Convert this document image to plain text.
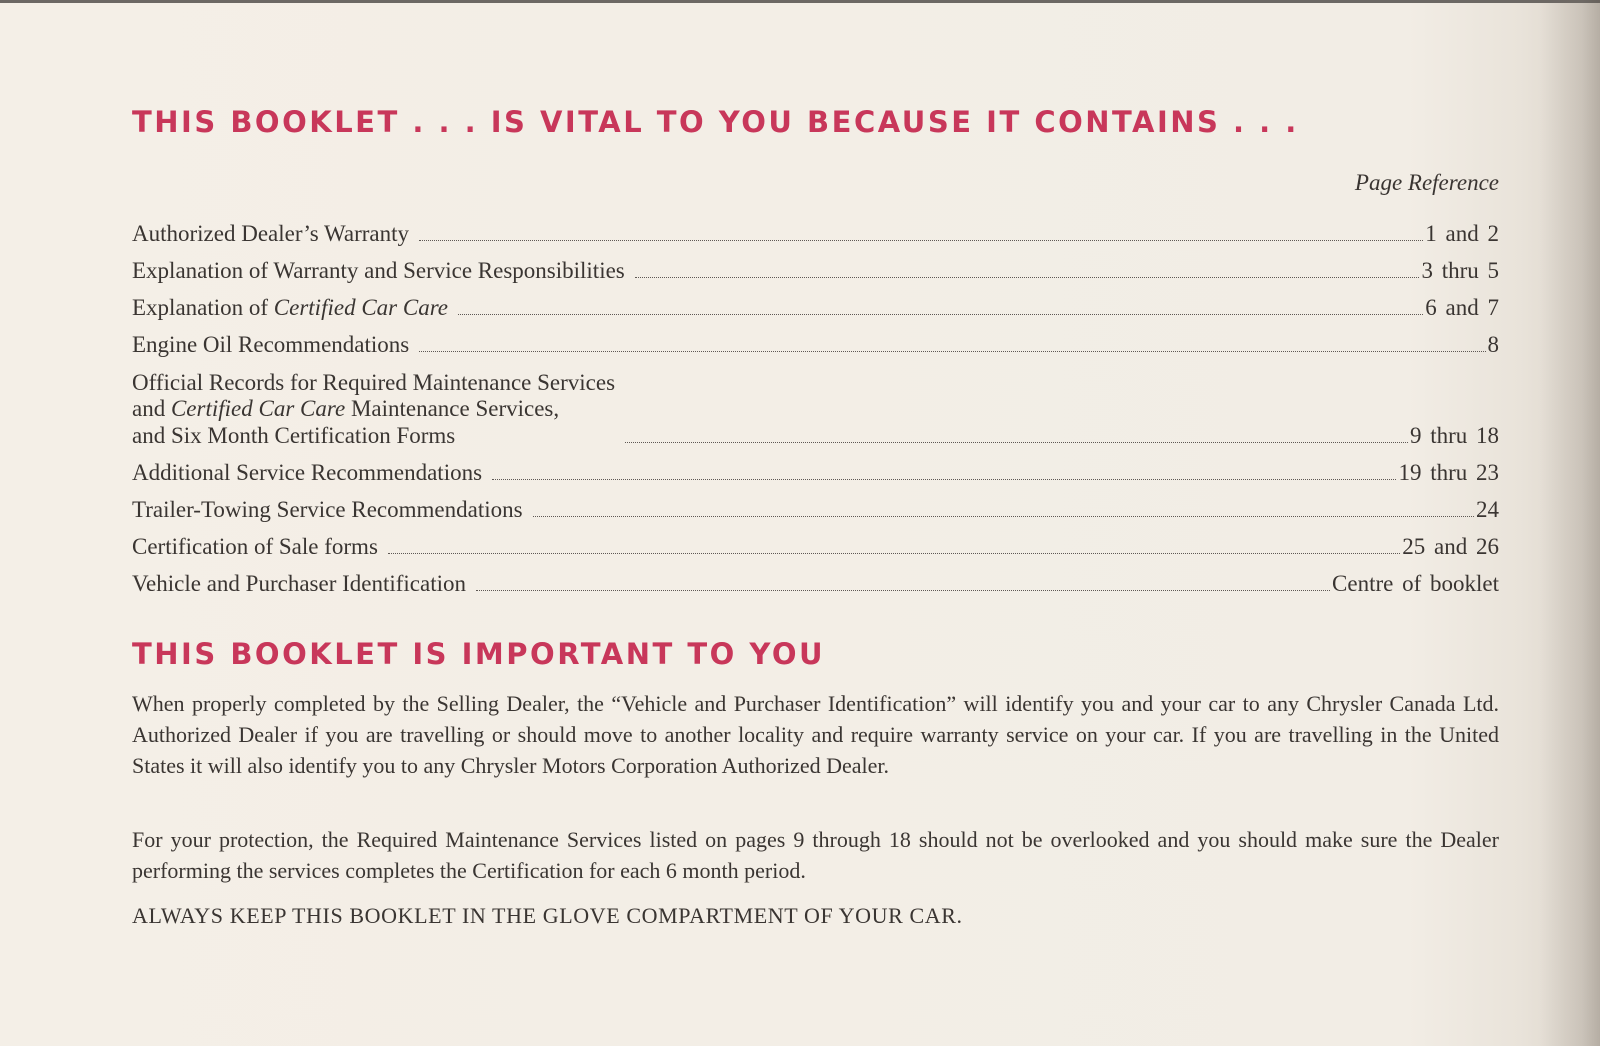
THIS BOOKLET . . . IS VITAL TO YOU BECAUSE IT CONTAINS . . .
Page Reference
Authorized Dealer’s Warranty	1 and 2
Explanation of Warranty and Service Responsibilities	3 thru 5
Explanation of Certified Car Care	6 and 7
Engine Oil Recommendations	8
Official Records for Required Maintenance Services
and Certified Car Care Maintenance Services,
and Six Month Certification Forms	9 thru 18
Additional Service Recommendations	19 thru 23
Trailer-Towing Service Recommendations	24
Certification of Sale forms	25 and 26
Vehicle and Purchaser Identification	Centre of booklet
THIS BOOKLET IS IMPORTANT TO YOU

When properly completed by the Selling Dealer, the “Vehicle and Purchaser Identification” will identify you and your car to any Chrysler Canada Ltd. Authorized Dealer if you are travelling or should move to another locality and require warranty service on your car. If you are travelling in the United States it will also identify you to any Chrysler Motors Corporation Authorized Dealer.

For your protection, the Required Maintenance Services listed on pages 9 through 18 should not be overlooked and you should make sure the Dealer performing the services completes the Certification for each 6 month period.

ALWAYS KEEP THIS BOOKLET IN THE GLOVE COMPARTMENT OF YOUR CAR.
